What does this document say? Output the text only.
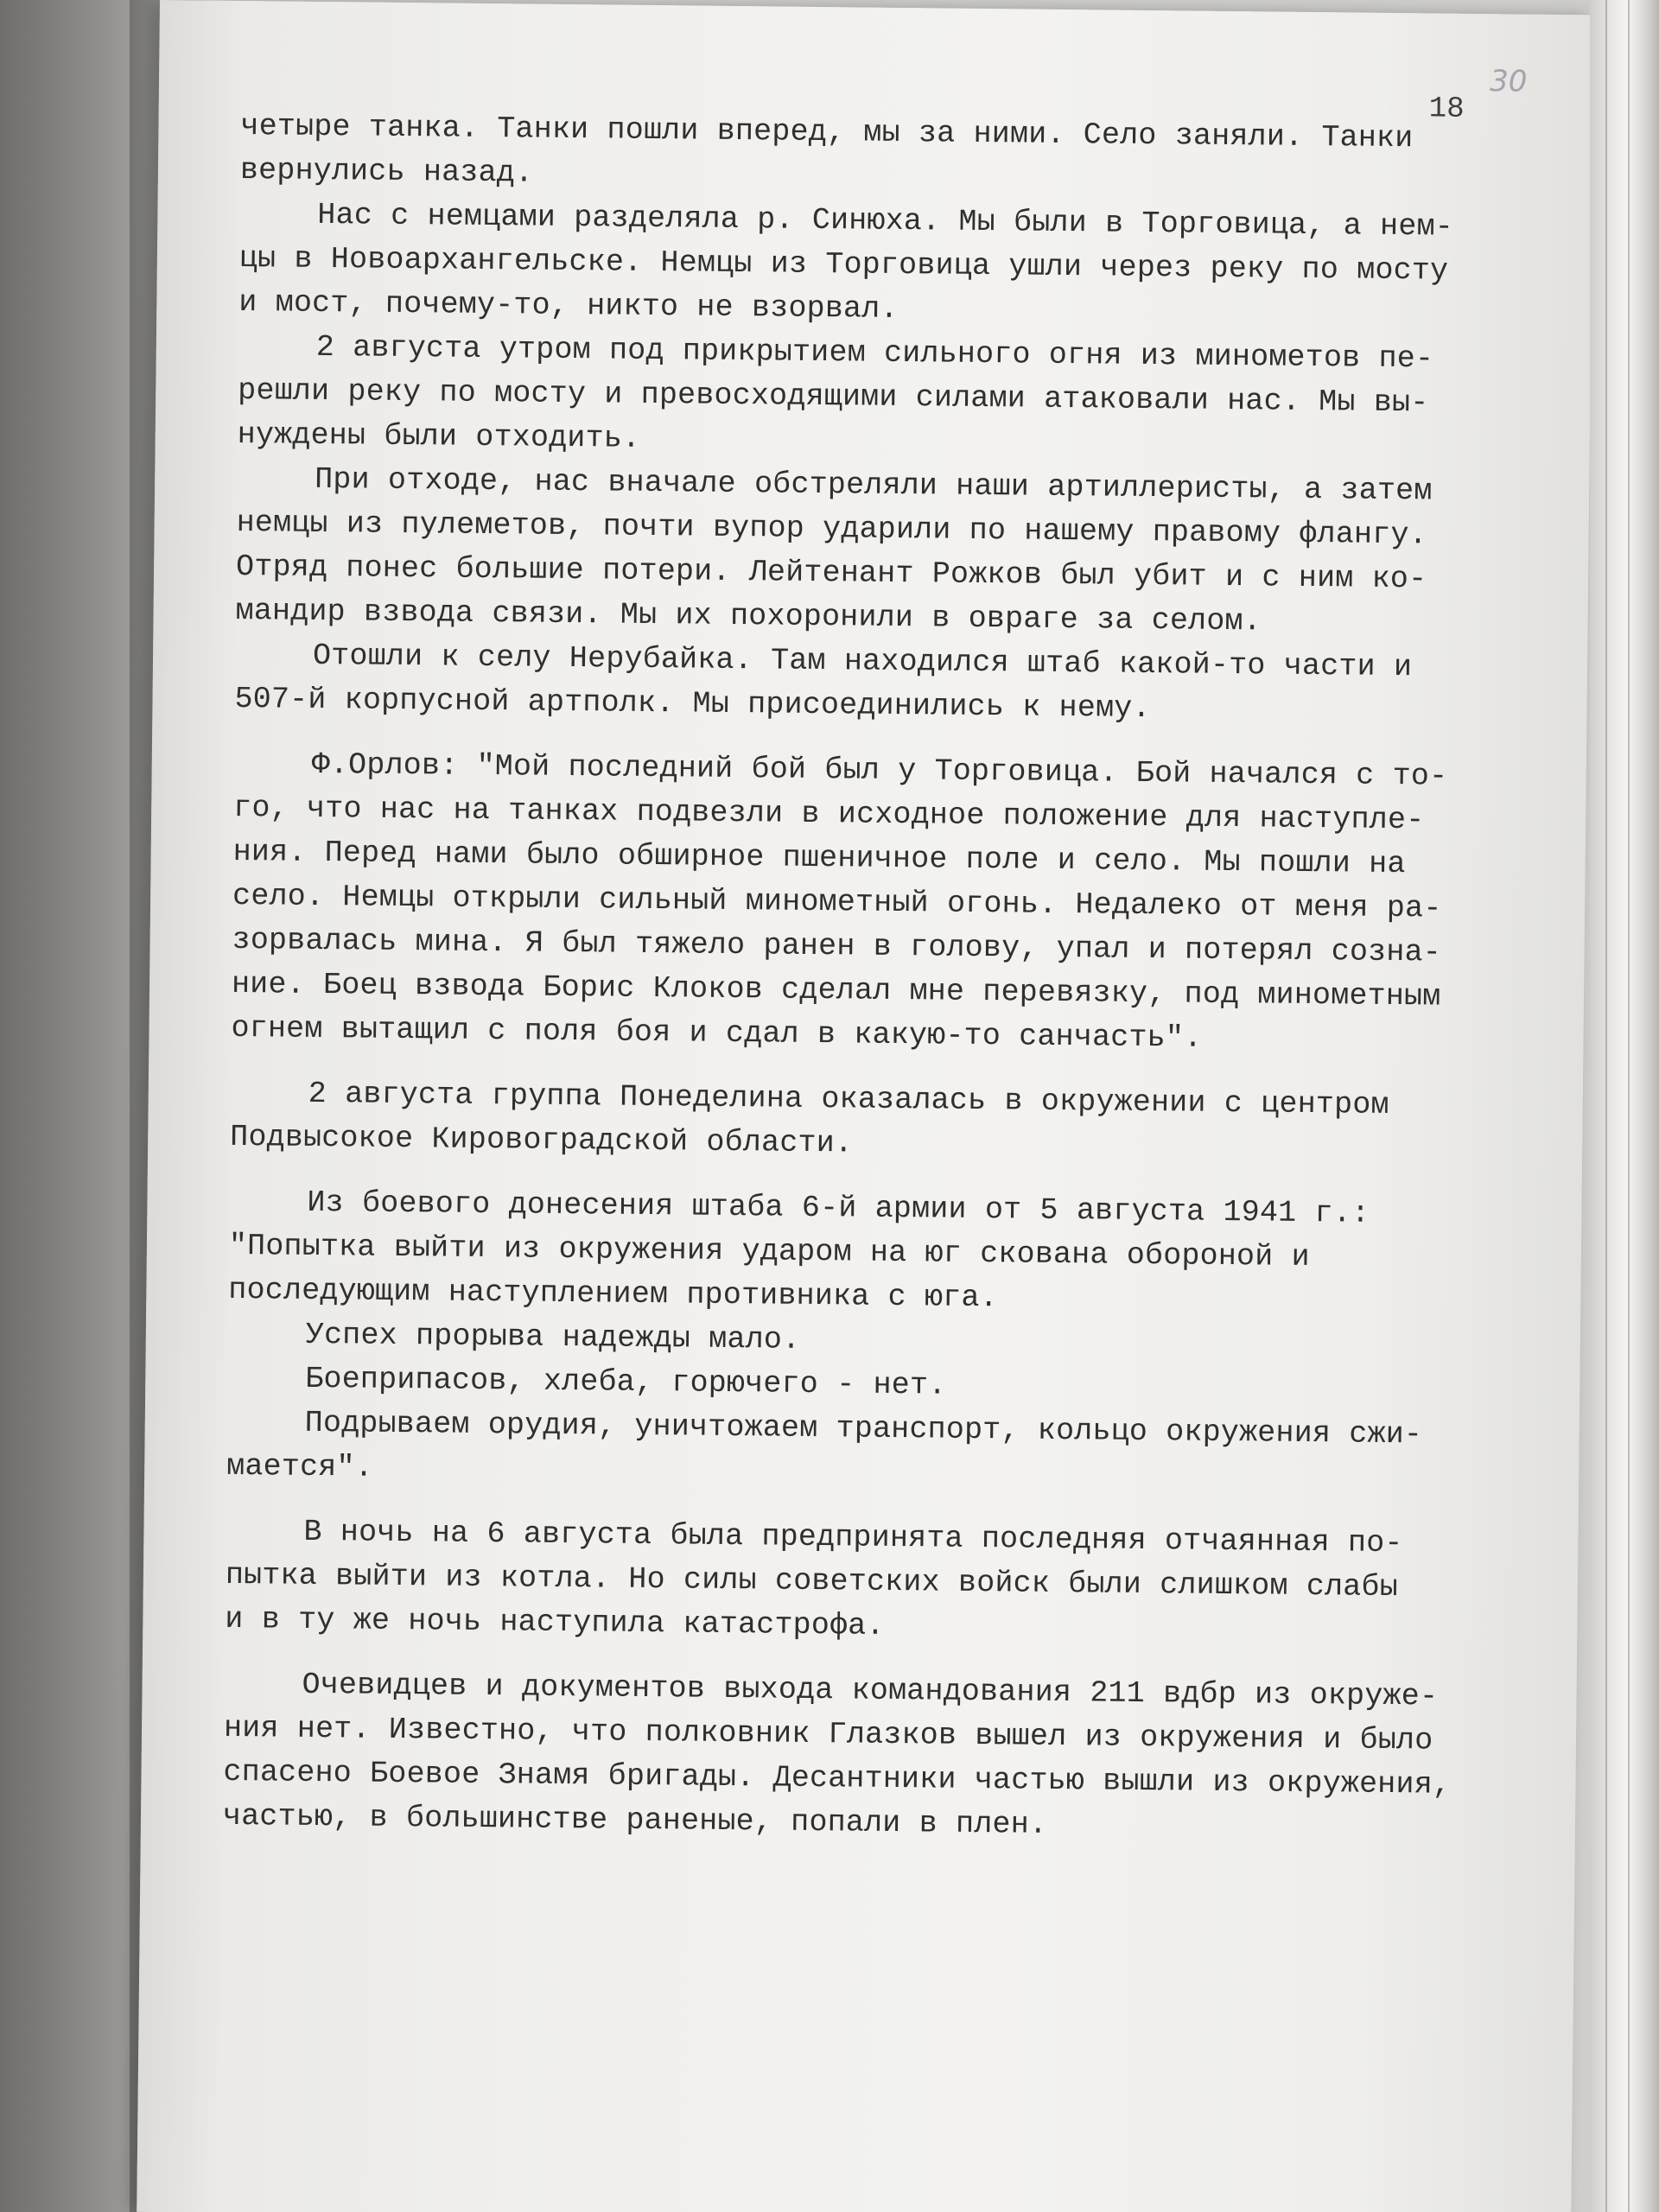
30
18
четыре танка. Танки пошли вперед, мы за ними. Село заняли. Танки
вернулись назад.
Нас с немцами разделяла р. Синюха. Мы были в Торговица, а нем-
цы в Новоархангельске. Немцы из Торговица ушли через реку по мосту
и мост, почему-то, никто не взорвал.
2 августа утром под прикрытием сильного огня из минометов пе-
решли реку по мосту и превосходящими силами атаковали нас. Мы вы-
нуждены были отходить.
При отходе, нас вначале обстреляли наши артиллеристы, а затем
немцы из пулеметов, почти вупор ударили по нашему правому флангу.
Отряд понес большие потери. Лейтенант Рожков был убит и с ним ко-
мандир взвода связи. Мы их похоронили в овраге за селом.
Отошли к селу Нерубайка. Там находился штаб какой-то части и
507-й корпусной артполк. Мы присоединились к нему.
Ф.Орлов: "Мой последний бой был у Торговица. Бой начался с то-
го, что нас на танках подвезли в исходное положение для наступле-
ния. Перед нами было обширное пшеничное поле и село. Мы пошли на
село. Немцы открыли сильный минометный огонь. Недалеко от меня ра-
зорвалась мина. Я был тяжело ранен в голову, упал и потерял созна-
ние. Боец взвода Борис Клоков сделал мне перевязку, под минометным
огнем вытащил с поля боя и сдал в какую-то санчасть".
2 августа группа Понеделина оказалась в окружении с центром
Подвысокое Кировоградской области.
Из боевого донесения штаба 6-й армии от 5 августа 1941 г.:
"Попытка выйти из окружения ударом на юг скована обороной и
последующим наступлением противника с юга.
Успех прорыва надежды мало.
Боеприпасов, хлеба, горючего - нет.
Подрываем орудия, уничтожаем транспорт, кольцо окружения сжи-
мается".
В ночь на 6 августа была предпринята последняя отчаянная по-
пытка выйти из котла. Но силы советских войск были слишком слабы
и в ту же ночь наступила катастрофа.
Очевидцев и документов выхода командования 211 вдбр из окруже-
ния нет. Известно, что полковник Глазков вышел из окружения и было
спасено Боевое Знамя бригады. Десантники частью вышли из окружения,
частью, в большинстве раненые, попали в плен.
